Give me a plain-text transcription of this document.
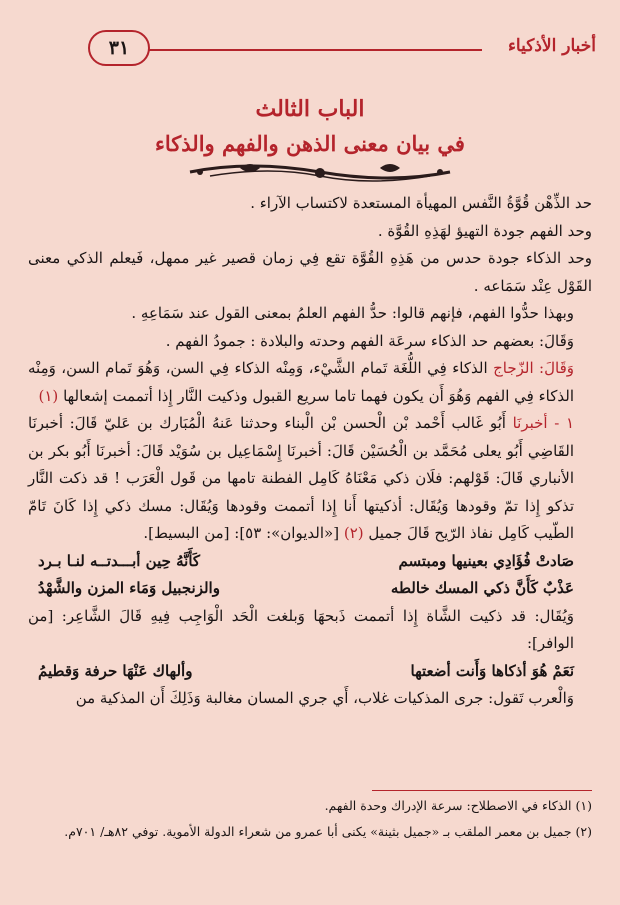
أخبار الأذكياء
٣١
الباب الثالث
في بيان معنى الذهن والفهم والذكاء

حد الذِّهْن قُوَّةُ النَّفس المهيأة المستعدة لاكتساب الآراء .

وحد الفهم جودة التهيؤ لهَذِهِ القُوَّة .

وحد الذكاء جودة حدس من هَذِهِ القُوَّة تقع فِي زمان قصير غير ممهل، فَيعلم الذكي معنى القَوْل عِنْد سَمَاعه .

وبهذا حدُّوا الفهم، فإنهم قالوا: حدُّ الفهم العلمُ بمعنى القول عند سَمَاعِهِ .

وَقَالَ: بعضهم حد الذكاء سرعَة الفهم وحدته والبلادة : جمودُ الفهم .

وَقَالَ: الزّجاج الذكاء فِي اللُّغَة تَمام الشَّيْء، وَمِنْه الذكاء فِي السن، وَهُوَ تَمام السن، وَمِنْه الذكاء فِي الفهم وَهُوَ أَن يكون فهما تاما سريع القبول وذكيت النَّار إِذا أتممت إشعالها (١)

١ - أخبرنَا أَبُو غَالب أَحْمد بْن الْحسن بْن الْبناء وحدثنا عَنهُ الْمُبَارك بن عَليّ قَالَ: أخبرنَا القَاضِي أَبُو يعلى مُحَمَّد بن الْحُسَيْن قَالَ: أخبرنَا إِسْمَاعِيل بن سُوَيْد قَالَ: أخبرنَا أَبُو بكر بن الأنباري قَالَ: قَوْلهم: فلَان ذكي مَعْنَاهُ كَامِل الفطنة تامها من قَول الْعَرَب ! قد ذكت النَّار تذكو إِذا تمّ وقودها وَيُقَال: أذكيتها أَنا إِذا أتممت وقودها وَيُقَال: مسك ذكي إِذا كَانَ تَامّ الطّيب كَامِل نفاذ الرّيح قَالَ جميل (٢) [«الديوان»: ٥٣]: [من البسيط].

صَادتْ فُؤَادِي بعينيها ومبتسم
كَأَنَّهُ حِين أبـــدتــه لنـا بـرد
عَذْبٌ كَأَنَّ ذكي المسك خالطه
والزنجبيل وَمَاء المزن والشَّهْدُ

وَيُقَال: قد ذكيت الشَّاة إِذا أتممت ذَبحهَا وَبلغت الْحَد الْوَاجِب فِيهِ قَالَ الشَّاعِر: [من الوافر]:

نَعَمْ هُوَ أذكاها وَأَنت أضعتها
وألهاك عَنْهَا حرفة وَقطيمُ

وَالْعرب تَقول: جرى المذكيات غلاب، أَي جري المسان مغالبة وَذَلِكَ أَن المذكية من

(١) الذكاء في الاصطلاح: سرعة الإدراك وحدة الفهم.

(٢) جميل بن معمر الملقب بـ «جميل بثينة» يكنى أبا عمرو من شعراء الدولة الأموية. توفي ٨٢هـ/ ٧٠١م.
